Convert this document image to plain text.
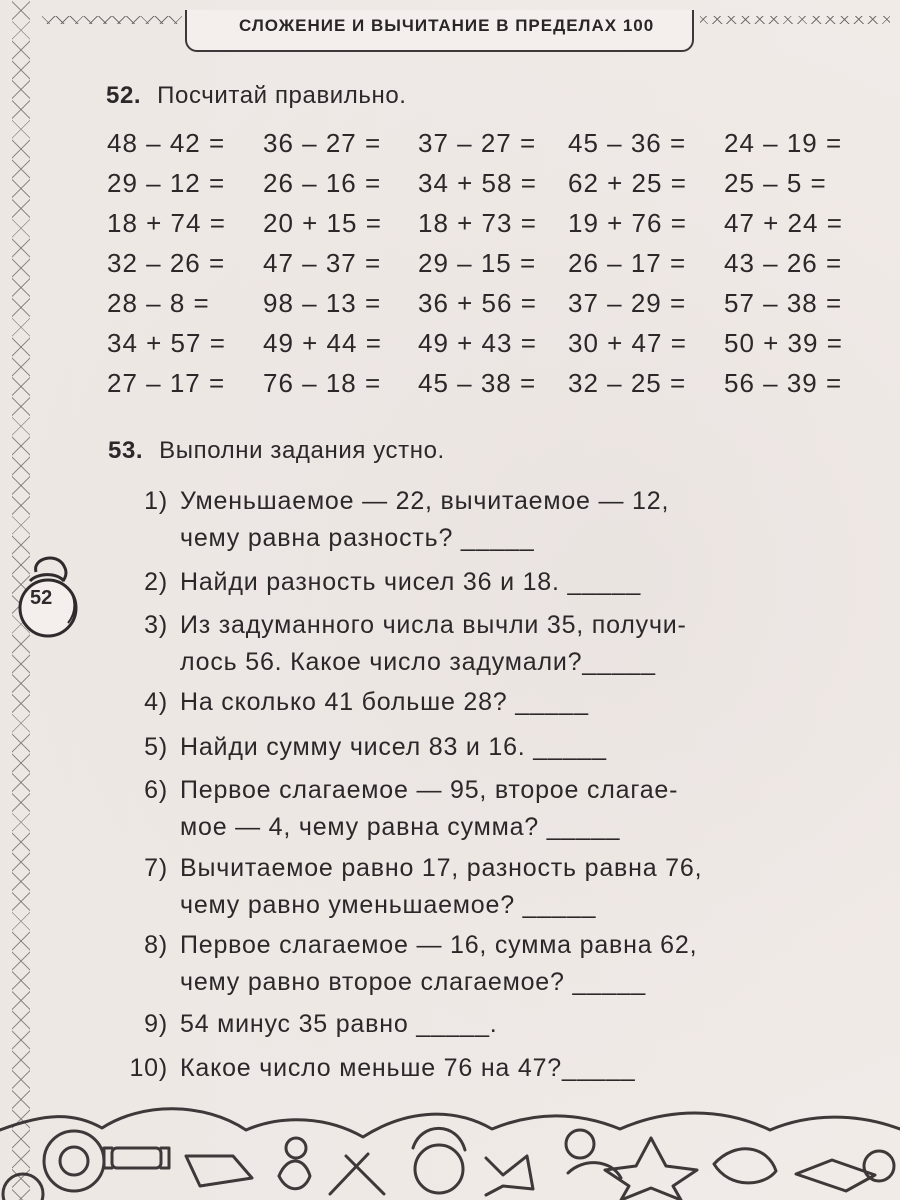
СЛОЖЕНИЕ И ВЫЧИТАНИЕ В ПРЕДЕЛАХ 100
52. Посчитай правильно.
48 – 42 = 36 – 27 = 37 – 27 = 45 – 36 = 24 – 19 =
29 – 12 = 26 – 16 = 34 + 58 = 62 + 25 = 25 – 5 =
18 + 74 = 20 + 15 = 18 + 73 = 19 + 76 = 47 + 24 =
32 – 26 = 47 – 37 = 29 – 15 = 26 – 17 = 43 – 26 =
28 – 8 = 98 – 13 = 36 + 56 = 37 – 29 = 57 – 38 =
34 + 57 = 49 + 44 = 49 + 43 = 30 + 47 = 50 + 39 =
27 – 17 = 76 – 18 = 45 – 38 = 32 – 25 = 56 – 39 =
53. Выполни задания устно.
1) Уменьшаемое — 22, вычитаемое — 12,
чему равна разность? _____
2) Найди разность чисел 36 и 18. _____
3) Из задуманного числа вычли 35, получи-
лось 56. Какое число задумали?_____
4) На сколько 41 больше 28? _____
5) Найди сумму чисел 83 и 16. _____
6) Первое слагаемое — 95, второе слагае-
мое — 4, чему равна сумма? _____
7) Вычитаемое равно 17, разность равна 76,
чему равно уменьшаемое? _____
8) Первое слагаемое — 16, сумма равна 62,
чему равно второе слагаемое? _____
9) 54 минус 35 равно _____.
10) Какое число меньше 76 на 47?_____
52
